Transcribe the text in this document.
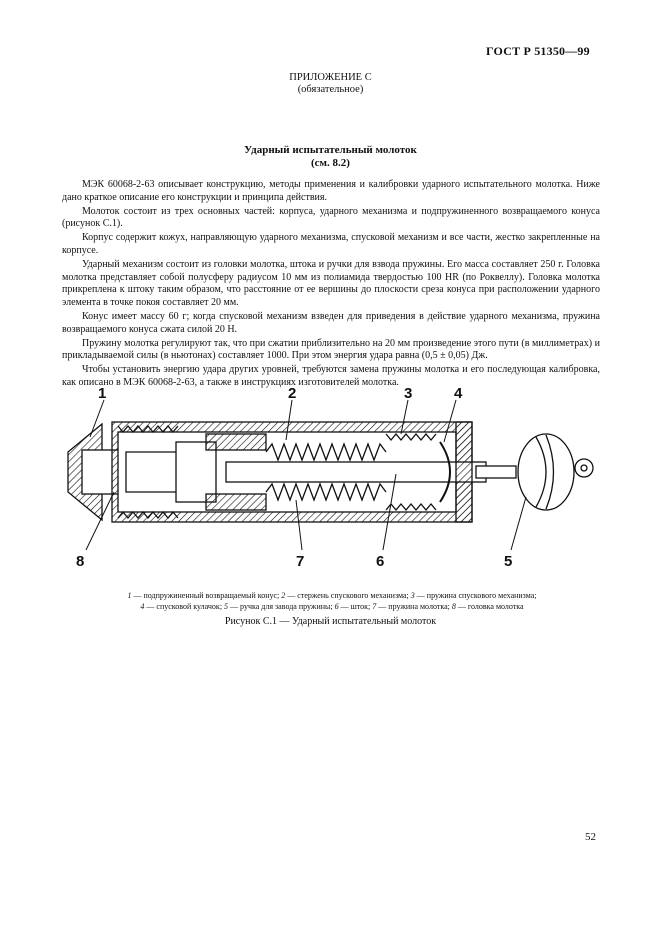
ГОСТ Р 51350—99
ПРИЛОЖЕНИЕ С
(обязательное)
Ударный испытательный молоток
(см. 8.2)

МЭК 60068-2-63 описывает конструкцию, методы применения и калибровки ударного испытательного молотка. Ниже дано краткое описание его конструкции и принципа действия.

Молоток состоит из трех основных частей: корпуса, ударного механизма и подпружиненного возвращаемого конуса (рисунок С.1).

Корпус содержит кожух, направляющую ударного механизма, спусковой механизм и все части, жестко закрепленные на корпусе.

Ударный механизм состоит из головки молотка, штока и ручки для взвода пружины. Его масса составляет 250 г. Головка молотка представляет собой полусферу радиусом 10 мм из полиамида твердостью 100 HR (по Роквеллу). Головка молотка прикреплена к штоку таким образом, что расстояние от ее вершины до плоскости среза конуса при расположении ударного элемента в точке покоя составляет 20 мм.

Конус имеет массу 60 г; когда спусковой механизм взведен для приведения в действие ударного механизма, пружина возвращаемого конуса сжата силой 20 Н.

Пружину молотка регулируют так, что при сжатии приблизительно на 20 мм произведение этого пути (в миллиметрах) и прикладываемой силы (в ньютонах) составляет 1000. При этом энергия удара равна (0,5 ± 0,05) Дж.

Чтобы установить энергию удара других уровней, требуются замена пружины молотка и его последующая калибровка, как описано в МЭК 60068-2-63, а также в инструкциях изготовителей молотка.

1	2	3	4
5
6
7
8
1 — подпружиненный возвращаемый конус; 2 — стержень спускового механизма; 3 — пружина спускового механизма;
4 — спусковой кулачок; 5 — ручка для завода пружины; 6 — шток; 7 — пружина молотка; 8 — головка молотка
Рисунок С.1 — Ударный испытательный молоток
52
